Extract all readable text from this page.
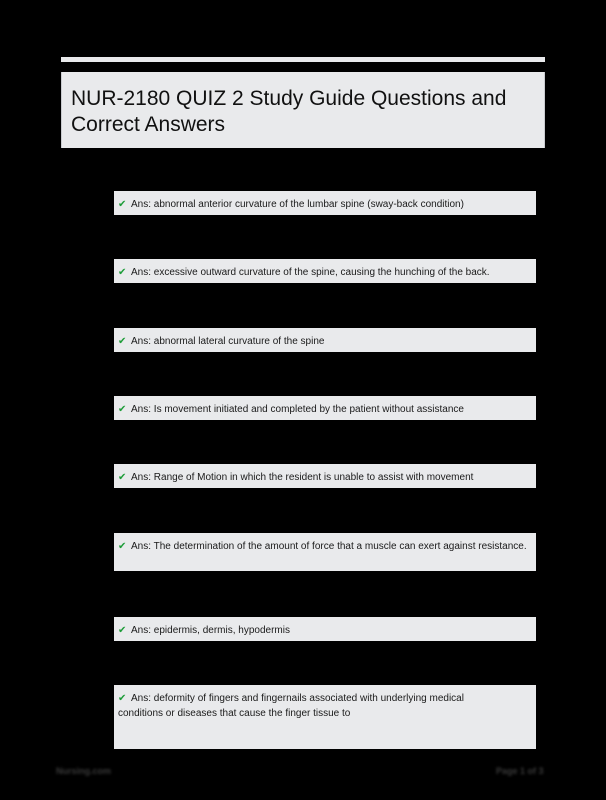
NUR-2180 QUIZ 2 Study Guide Questions and Correct Answers
✔ Ans: abnormal anterior curvature of the lumbar spine (sway-back condition)
✔ Ans: excessive outward curvature of the spine, causing the hunching of the back.
✔ Ans: abnormal lateral curvature of the spine
✔ Ans: Is movement initiated and completed by the patient without assistance
✔ Ans: Range of Motion in which the resident is unable to assist with movement
✔ Ans: The determination of the amount of force that a muscle can exert against resistance.
✔ Ans: epidermis, dermis, hypodermis
✔ Ans: deformity of fingers and fingernails associated with underlying medical conditions or diseases that cause the finger tissue to
Nursing.com	Page 1 of 3
